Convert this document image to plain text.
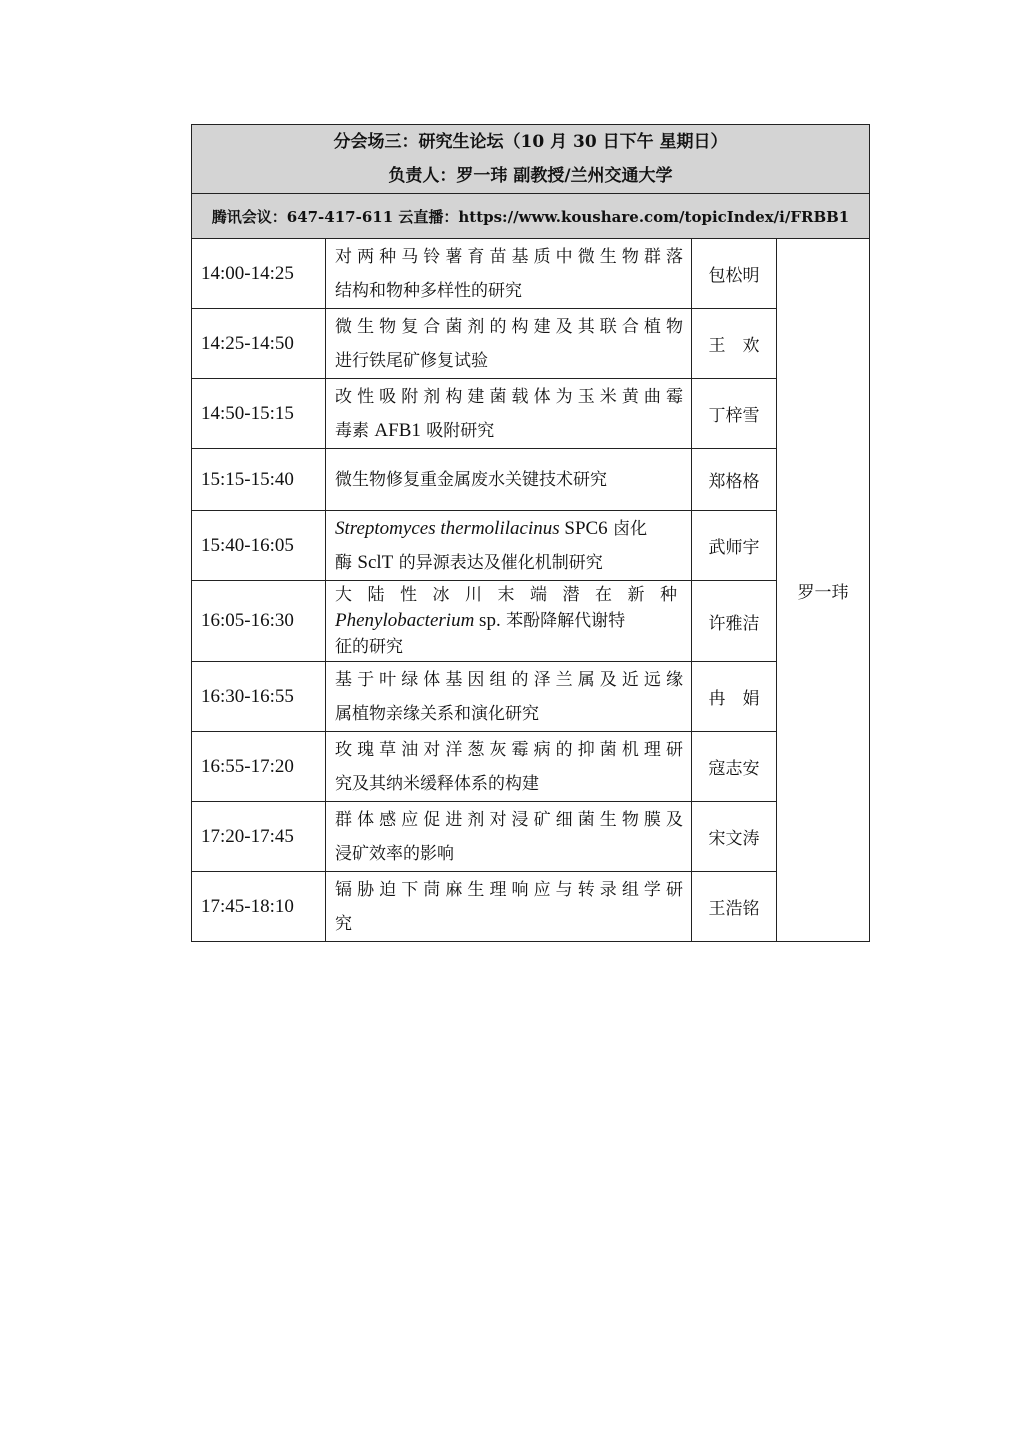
分会场三：研究生论坛（10 月 30 日下午 星期日）
负责人：罗一玮 副教授/兰州交通大学			

腾讯会议：647-417-611 云直播：https://www.koushare.com/topicIndex/i/FRBB1			
14:00-14:25	对两种马铃薯育苗基质中微生物群落
结构和物种多样性的研究	包松明	罗一玮
14:25-14:50	微生物复合菌剂的构建及其联合植物
进行铁尾矿修复试验	王　欢	
14:50-15:15	改性吸附剂构建菌载体为玉米黄曲霉
毒素 AFB1 吸附研究	丁梓雪	
15:15-15:40	微生物修复重金属废水关键技术研究	郑格格	
15:40-16:05	Streptomyces thermolilacinus SPC6 卤化
酶 SclT 的异源表达及催化机制研究	武师宇	
16:05-16:30	大陆性冰川末端潜在新种
Phenylobacterium sp. 苯酚降解代谢特
征的研究	许雅洁	
16:30-16:55	基于叶绿体基因组的泽兰属及近远缘
属植物亲缘关系和演化研究	冉　娟	
16:55-17:20	玫瑰草油对洋葱灰霉病的抑菌机理研
究及其纳米缓释体系的构建	寇志安	
17:20-17:45	群体感应促进剂对浸矿细菌生物膜及
浸矿效率的影响	宋文涛	
17:45-18:10	镉胁迫下茼麻生理响应与转录组学研
究	王浩铭	
